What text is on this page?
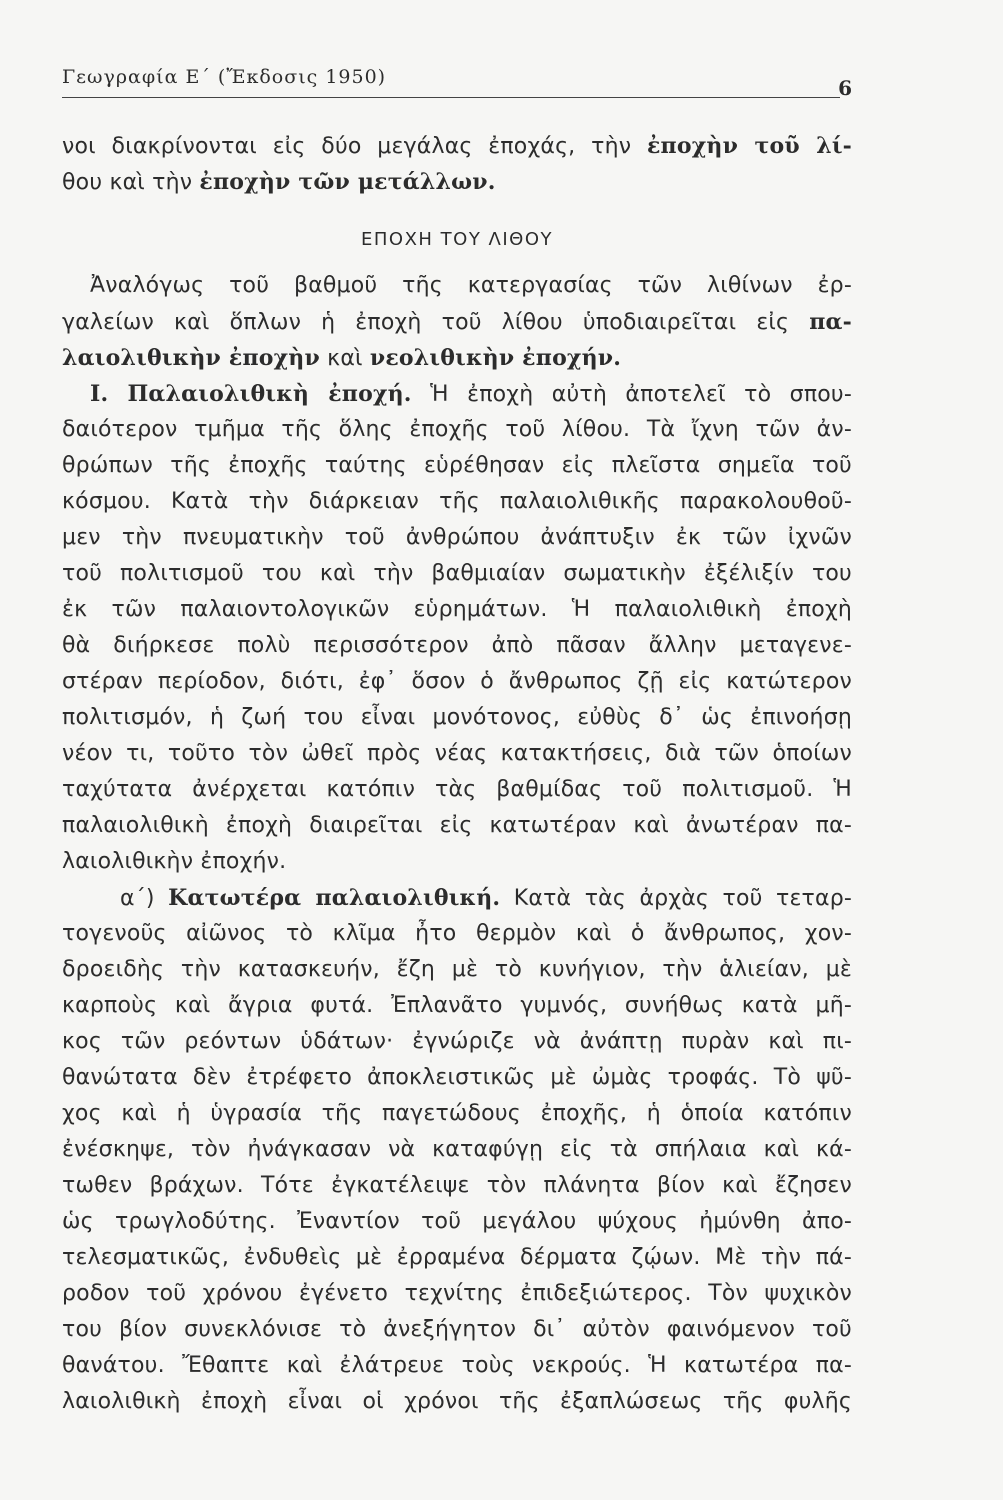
Γεωγραφία Ε΄ (Ἔκδοσις 1950)	6
νοι διακρίνονται εἰς δύο μεγάλας ἐποχάς, τὴν ἐποχὴν τοῦ λί-
θου καὶ τὴν ἐποχὴν τῶν μετάλλων.
ΕΠΟΧΗ ΤΟΥ ΛΙΘΟΥ
Ἀναλόγως τοῦ βαθμοῦ τῆς κατεργασίας τῶν λιθίνων ἐρ-
γαλείων καὶ ὅπλων ἡ ἐποχὴ τοῦ λίθου ὑποδιαιρεῖται εἰς πα-
λαιολιθικὴν ἐποχὴν καὶ νεολιθικὴν ἐποχήν.
Ι. Παλαιολιθικὴ ἐποχή. Ἡ ἐποχὴ αὐτὴ ἀποτελεῖ τὸ σπου-
δαιότερον τμῆμα τῆς ὅλης ἐποχῆς τοῦ λίθου. Τὰ ἴχνη τῶν ἀν-
θρώπων τῆς ἐποχῆς ταύτης εὑρέθησαν εἰς πλεῖστα σημεῖα τοῦ
κόσμου. Κατὰ τὴν διάρκειαν τῆς παλαιολιθικῆς παρακολουθοῦ-
μεν τὴν πνευματικὴν τοῦ ἀνθρώπου ἀνάπτυξιν ἐκ τῶν ἰχνῶν
τοῦ πολιτισμοῦ του καὶ τὴν βαθμιαίαν σωματικὴν ἐξέλιξίν του
ἐκ τῶν παλαιοντολογικῶν εὑρημάτων. Ἡ παλαιολιθικὴ ἐποχὴ
θὰ διήρκεσε πολὺ περισσότερον ἀπὸ πᾶσαν ἄλλην μεταγενε-
στέραν περίοδον, διότι, ἐφ᾽ ὅσον ὁ ἄνθρωπος ζῇ εἰς κατώτερον
πολιτισμόν, ἡ ζωή του εἶναι μονότονος, εὐθὺς δ᾽ ὡς ἐπινοήσῃ
νέον τι, τοῦτο τὸν ὠθεῖ πρὸς νέας κατακτήσεις, διὰ τῶν ὁποίων
ταχύτατα ἀνέρχεται κατόπιν τὰς βαθμίδας τοῦ πολιτισμοῦ. Ἡ
παλαιολιθικὴ ἐποχὴ διαιρεῖται εἰς κατωτέραν καὶ ἀνωτέραν πα-
λαιολιθικὴν ἐποχήν.
α΄) Κατωτέρα παλαιολιθική. Κατὰ τὰς ἀρχὰς τοῦ τεταρ-
τογενοῦς αἰῶνος τὸ κλῖμα ἦτο θερμὸν καὶ ὁ ἄνθρωπος, χον-
δροειδὴς τὴν κατασκευήν, ἔζη μὲ τὸ κυνήγιον, τὴν ἁλιείαν, μὲ
καρποὺς καὶ ἄγρια φυτά. Ἐπλανᾶτο γυμνός, συνήθως κατὰ μῆ-
κος τῶν ρεόντων ὑδάτων· ἐγνώριζε νὰ ἀνάπτῃ πυρὰν καὶ πι-
θανώτατα δὲν ἐτρέφετο ἀποκλειστικῶς μὲ ὠμὰς τροφάς. Τὸ ψῦ-
χος καὶ ἡ ὑγρασία τῆς παγετώδους ἐποχῆς, ἡ ὁποία κατόπιν
ἐνέσκηψε, τὸν ἠνάγκασαν νὰ καταφύγῃ εἰς τὰ σπήλαια καὶ κά-
τωθεν βράχων. Τότε ἐγκατέλειψε τὸν πλάνητα βίον καὶ ἔζησεν
ὡς τρωγλοδύτης. Ἐναντίον τοῦ μεγάλου ψύχους ἠμύνθη ἀπο-
τελεσματικῶς, ἐνδυθεὶς μὲ ἐρραμένα δέρματα ζῴων. Μὲ τὴν πά-
ροδον τοῦ χρόνου ἐγένετο τεχνίτης ἐπιδεξιώτερος. Τὸν ψυχικὸν
του βίον συνεκλόνισε τὸ ἀνεξήγητον δι᾽ αὐτὸν φαινόμενον τοῦ
θανάτου. Ἔθαπτε καὶ ἐλάτρευε τοὺς νεκρούς. Ἡ κατωτέρα πα-
λαιολιθικὴ ἐποχὴ εἶναι οἱ χρόνοι τῆς ἐξαπλώσεως τῆς φυλῆς
